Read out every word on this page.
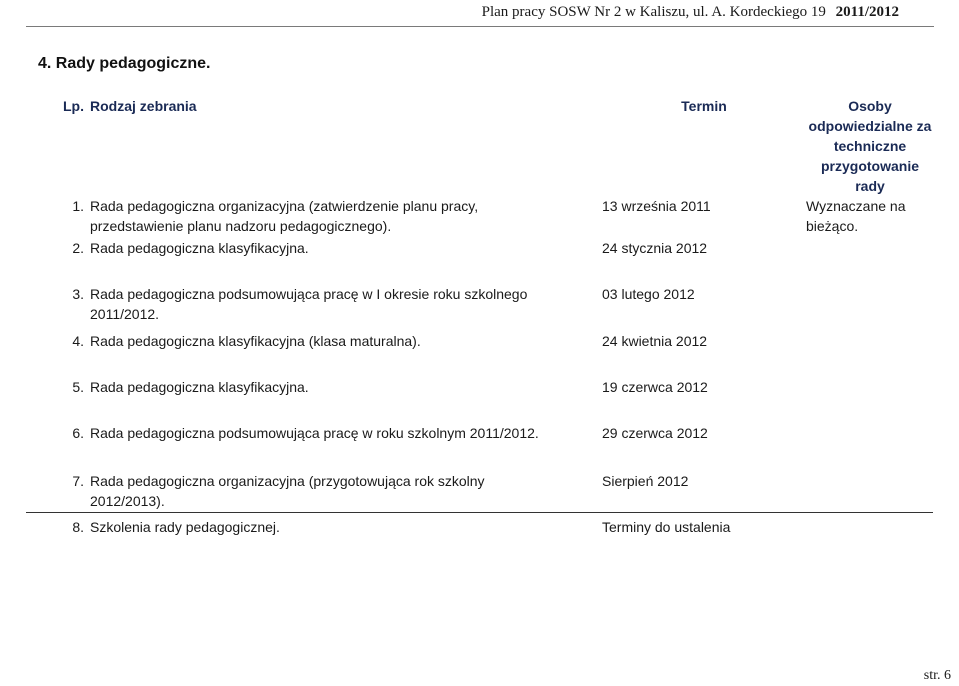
Plan pracy SOSW Nr 2 w Kaliszu, ul. A. Kordeckiego 19 2011/2012
4. Rady pedagogiczne.
Lp.	Rodzaj zebrania	Termin	Osoby odpowiedzialne za techniczne przygotowanie rady
1.	Rada pedagogiczna organizacyjna (zatwierdzenie planu pracy, przedstawienie planu nadzoru pedagogicznego).	13 września 2011	Wyznaczane na bieżąco.
2.	Rada pedagogiczna klasyfikacyjna.	24 stycznia 2012	
3.	Rada pedagogiczna podsumowująca pracę w I okresie roku szkolnego 2011/2012.	03 lutego 2012	
4.	Rada pedagogiczna klasyfikacyjna (klasa maturalna).	24 kwietnia 2012	
5.	Rada pedagogiczna klasyfikacyjna.	19 czerwca 2012	
6.	Rada pedagogiczna podsumowująca pracę w roku szkolnym 2011/2012.	29 czerwca 2012	
7.	Rada pedagogiczna organizacyjna (przygotowująca rok szkolny 2012/2013).	Sierpień 2012	
8.	Szkolenia rady pedagogicznej.	Terminy do ustalenia	
str. 6
